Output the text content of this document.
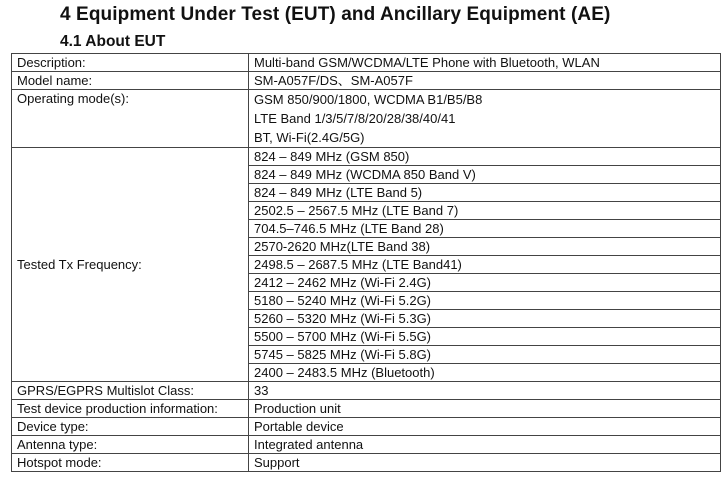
4 Equipment Under Test (EUT) and Ancillary Equipment (AE)
4.1 About EUT
Description:	Multi-band GSM/WCDMA/LTE Phone with Bluetooth, WLAN
Model name:	SM-A057F/DS、SM-A057F
Operating mode(s):	GSM 850/900/1800, WCDMA B1/B5/B8
LTE Band 1/3/5/7/8/20/28/38/40/41
BT, Wi-Fi(2.4G/5G)

Tested Tx Frequency:	824 – 849 MHz (GSM 850)
	824 – 849 MHz (WCDMA 850 Band V)
	824 – 849 MHz (LTE Band 5)
	2502.5 – 2567.5 MHz (LTE Band 7)
	704.5–746.5 MHz (LTE Band 28)
	2570-2620 MHz(LTE Band 38)
	2498.5 – 2687.5 MHz (LTE Band41)
	2412 – 2462 MHz (Wi-Fi 2.4G)
	5180 – 5240 MHz (Wi-Fi 5.2G)
	5260 – 5320 MHz (Wi-Fi 5.3G)
	5500 – 5700 MHz (Wi-Fi 5.5G)
	5745 – 5825 MHz (Wi-Fi 5.8G)
	2400 – 2483.5 MHz (Bluetooth)
GPRS/EGPRS Multislot Class:	33
Test device production information:	Production unit
Device type:	Portable device
Antenna type:	Integrated antenna
Hotspot mode:	Support
